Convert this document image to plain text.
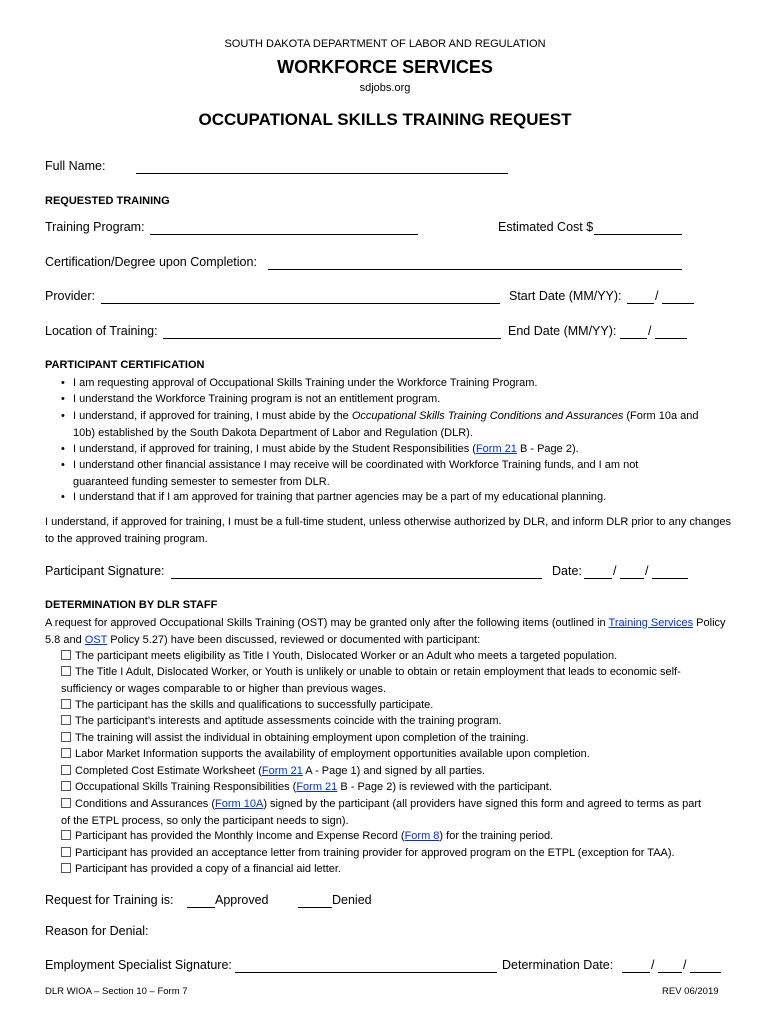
SOUTH DAKOTA DEPARTMENT OF LABOR AND REGULATION
WORKFORCE SERVICES
sdjobs.org
OCCUPATIONAL SKILLS TRAINING REQUEST
Full Name:
REQUESTED TRAINING
Training Program:	Estimated Cost $
Certification/Degree upon Completion:
Provider:	Start Date (MM/YY):	/
Location of Training:	End Date (MM/YY):	/
PARTICIPANT CERTIFICATION
• I am requesting approval of Occupational Skills Training under the Workforce Training Program.
• I understand the Workforce Training program is not an entitlement program.
• I understand, if approved for training, I must abide by the Occupational Skills Training Conditions and Assurances (Form 10a and 10b) established by the South Dakota Department of Labor and Regulation (DLR).
• I understand, if approved for training, I must abide by the Student Responsibilities (Form 21 B - Page 2).
• I understand other financial assistance I may receive will be coordinated with Workforce Training funds, and I am not guaranteed funding semester to semester from DLR.
• I understand that if I am approved for training that partner agencies may be a part of my educational planning.
I understand, if approved for training, I must be a full-time student, unless otherwise authorized by DLR, and inform DLR prior to any changes to the approved training program.
Participant Signature:	Date: / /
DETERMINATION BY DLR STAFF
A request for approved Occupational Skills Training (OST) may be granted only after the following items (outlined in Training Services Policy 5.8 and OST Policy 5.27) have been discussed, reviewed or documented with participant:
The participant meets eligibility as Title I Youth, Dislocated Worker or an Adult who meets a targeted population.
The Title I Adult, Dislocated Worker, or Youth is unlikely or unable to obtain or retain employment that leads to economic self-sufficiency or wages comparable to or higher than previous wages.
The participant has the skills and qualifications to successfully participate.
The participant’s interests and aptitude assessments coincide with the training program.
The training will assist the individual in obtaining employment upon completion of the training.
Labor Market Information supports the availability of employment opportunities available upon completion.
Completed Cost Estimate Worksheet (Form 21 A - Page 1) and signed by all parties.
Occupational Skills Training Responsibilities (Form 21 B - Page 2) is reviewed with the participant.
Conditions and Assurances (Form 10A) signed by the participant (all providers have signed this form and agreed to terms as part of the ETPL process, so only the participant needs to sign).
Participant has provided the Monthly Income and Expense Record (Form 8) for the training period.
Participant has provided an acceptance letter from training provider for approved program on the ETPL (exception for TAA).
Participant has provided a copy of a financial aid letter.
Request for Training is:	Approved	Denied
Reason for Denial:
Employment Specialist Signature:	Determination Date:	/ /
DLR WIOA – Section 10 – Form 7	REV 06/2019
